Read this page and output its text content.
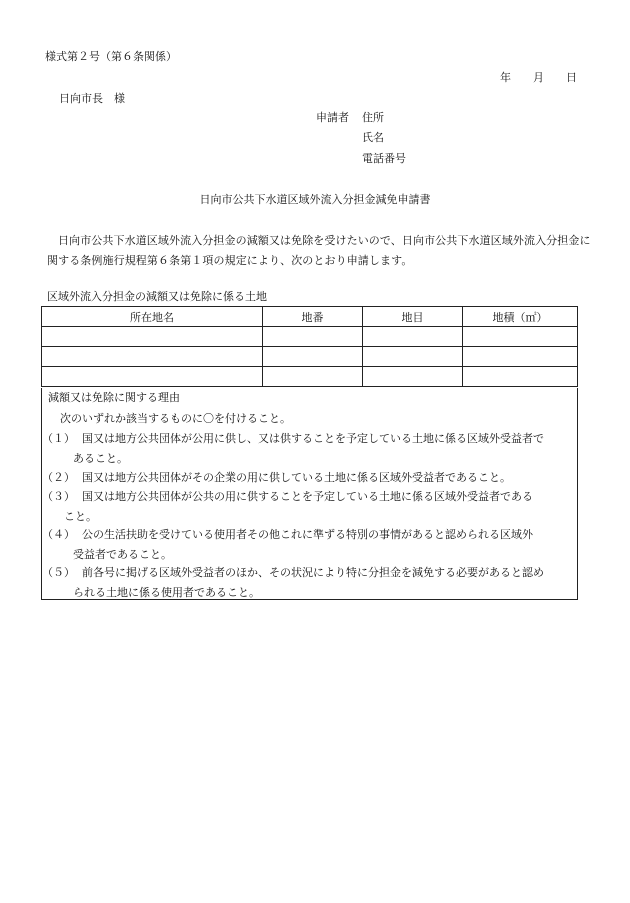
様式第２号（第６条関係）
年 月 日
日向市長　様
申請者 住所
氏名
電話番号
日向市公共下水道区域外流入分担金減免申請書
日向市公共下水道区域外流入分担金の減額又は免除を受けたいので、日向市公共下水道区域外流入分担金に関する条例施行規程第６条第１項の規定により、次のとおり申請します。
区域外流入分担金の減額又は免除に係る土地
所在地名	地番	地目	地積（㎡）

減額又は免除に関する理由
次のいずれか該当するものに〇を付けること。
（１） 国又は地方公共団体が公用に供し、又は供することを予定している土地に係る区域外受益者で
あること。
（２） 国又は地方公共団体がその企業の用に供している土地に係る区域外受益者であること。
（３） 国又は地方公共団体が公共の用に供することを予定している土地に係る区域外受益者である
こと。
（４） 公の生活扶助を受けている使用者その他これに準ずる特別の事情があると認められる区域外
受益者であること。
（５） 前各号に掲げる区域外受益者のほか、その状況により特に分担金を減免する必要があると認め
られる土地に係る使用者であること。
